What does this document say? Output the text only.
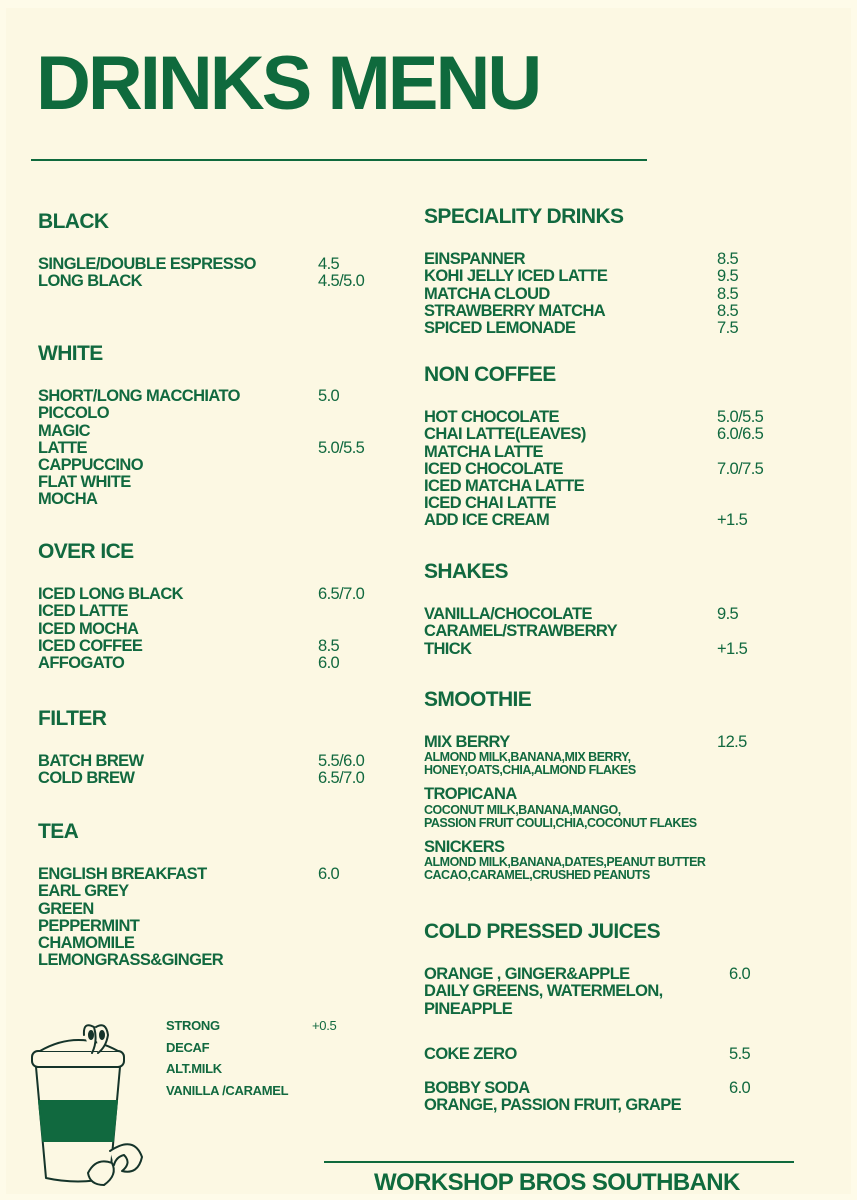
DRINKS MENU
BLACK
SINGLE/DOUBLE ESPRESSO	4.5
LONG BLACK	4.5/5.0
WHITE
SHORT/LONG MACCHIATO	5.0
PICCOLO
MAGIC
LATTE	5.0/5.5
CAPPUCCINO
FLAT WHITE
MOCHA
OVER ICE
ICED LONG BLACK	6.5/7.0
ICED LATTE
ICED MOCHA
ICED COFFEE	8.5
AFFOGATO	6.0
FILTER
BATCH BREW	5.5/6.0
COLD BREW	6.5/7.0
TEA
ENGLISH BREAKFAST	6.0
EARL GREY
GREEN
PEPPERMINT
CHAMOMILE
LEMONGRASS&GINGER
STRONG	+0.5
DECAF
ALT.MILK
VANILLA /CARAMEL
SPECIALITY DRINKS
EINSPANNER	8.5
KOHI JELLY ICED LATTE	9.5
MATCHA CLOUD	8.5
STRAWBERRY MATCHA	8.5
SPICED LEMONADE	7.5
NON COFFEE
HOT CHOCOLATE	5.0/5.5
CHAI LATTE(LEAVES)	6.0/6.5
MATCHA LATTE
ICED CHOCOLATE	7.0/7.5
ICED MATCHA LATTE
ICED CHAI LATTE
ADD ICE CREAM	+1.5
SHAKES
VANILLA/CHOCOLATE	9.5
CARAMEL/STRAWBERRY
THICK	+1.5
SMOOTHIE
MIX BERRY	12.5
ALMOND MILK,BANANA,MIX BERRY,
HONEY,OATS,CHIA,ALMOND FLAKES
TROPICANA
COCONUT MILK,BANANA,MANGO,
PASSION FRUIT COULI,CHIA,COCONUT FLAKES
SNICKERS
ALMOND MILK,BANANA,DATES,PEANUT BUTTER
CACAO,CARAMEL,CRUSHED PEANUTS
COLD PRESSED JUICES
ORANGE , GINGER&APPLE	6.0
DAILY GREENS, WATERMELON,
PINEAPPLE
COKE ZERO	5.5
BOBBY SODA	6.0
ORANGE, PASSION FRUIT, GRAPE
WORKSHOP BROS SOUTHBANK
